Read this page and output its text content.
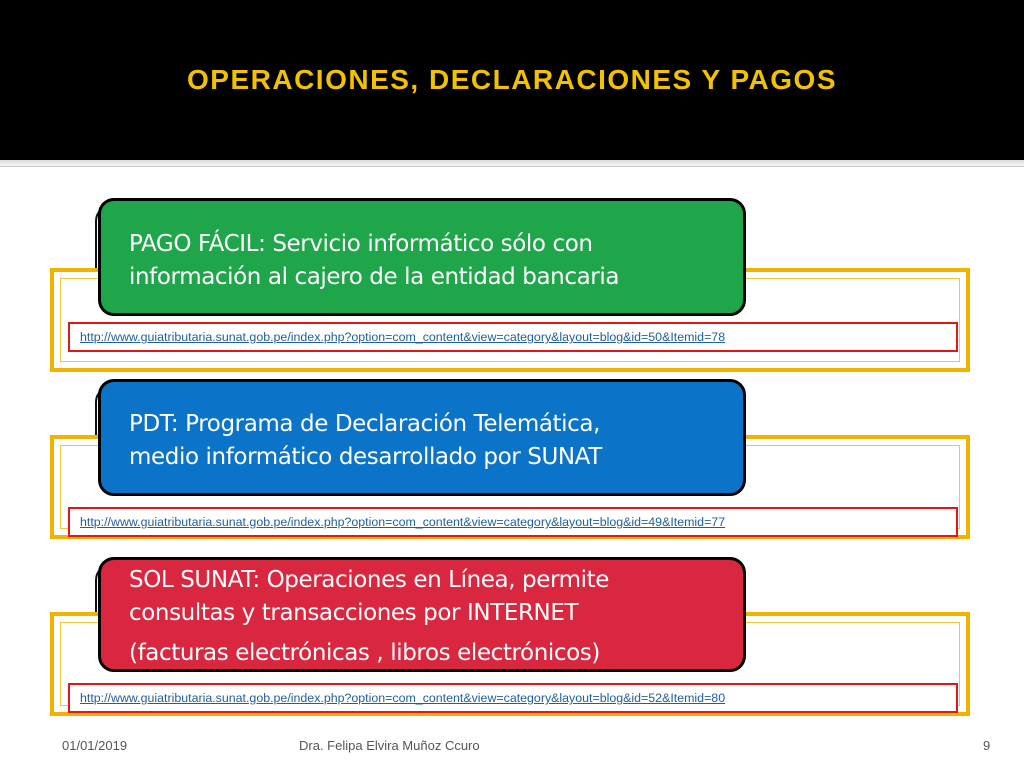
OPERACIONES, DECLARACIONES Y PAGOS

PAGO FÁCIL: Servicio informático sólo con

información al cajero de la entidad bancaria

http://www.guiatributaria.sunat.gob.pe/index.php?option=com_content&view=category&layout=blog&id=50&Itemid=78

PDT: Programa de Declaración Telemática,

medio informático desarrollado por SUNAT

http://www.guiatributaria.sunat.gob.pe/index.php?option=com_content&view=category&layout=blog&id=49&Itemid=77

SOL SUNAT: Operaciones en Línea, permite

consultas y transacciones por INTERNET

(facturas electrónicas , libros electrónicos)

http://www.guiatributaria.sunat.gob.pe/index.php?option=com_content&view=category&layout=blog&id=52&Itemid=80
01/01/2019	Dra. Felipa Elvira Muñoz Ccuro	9
